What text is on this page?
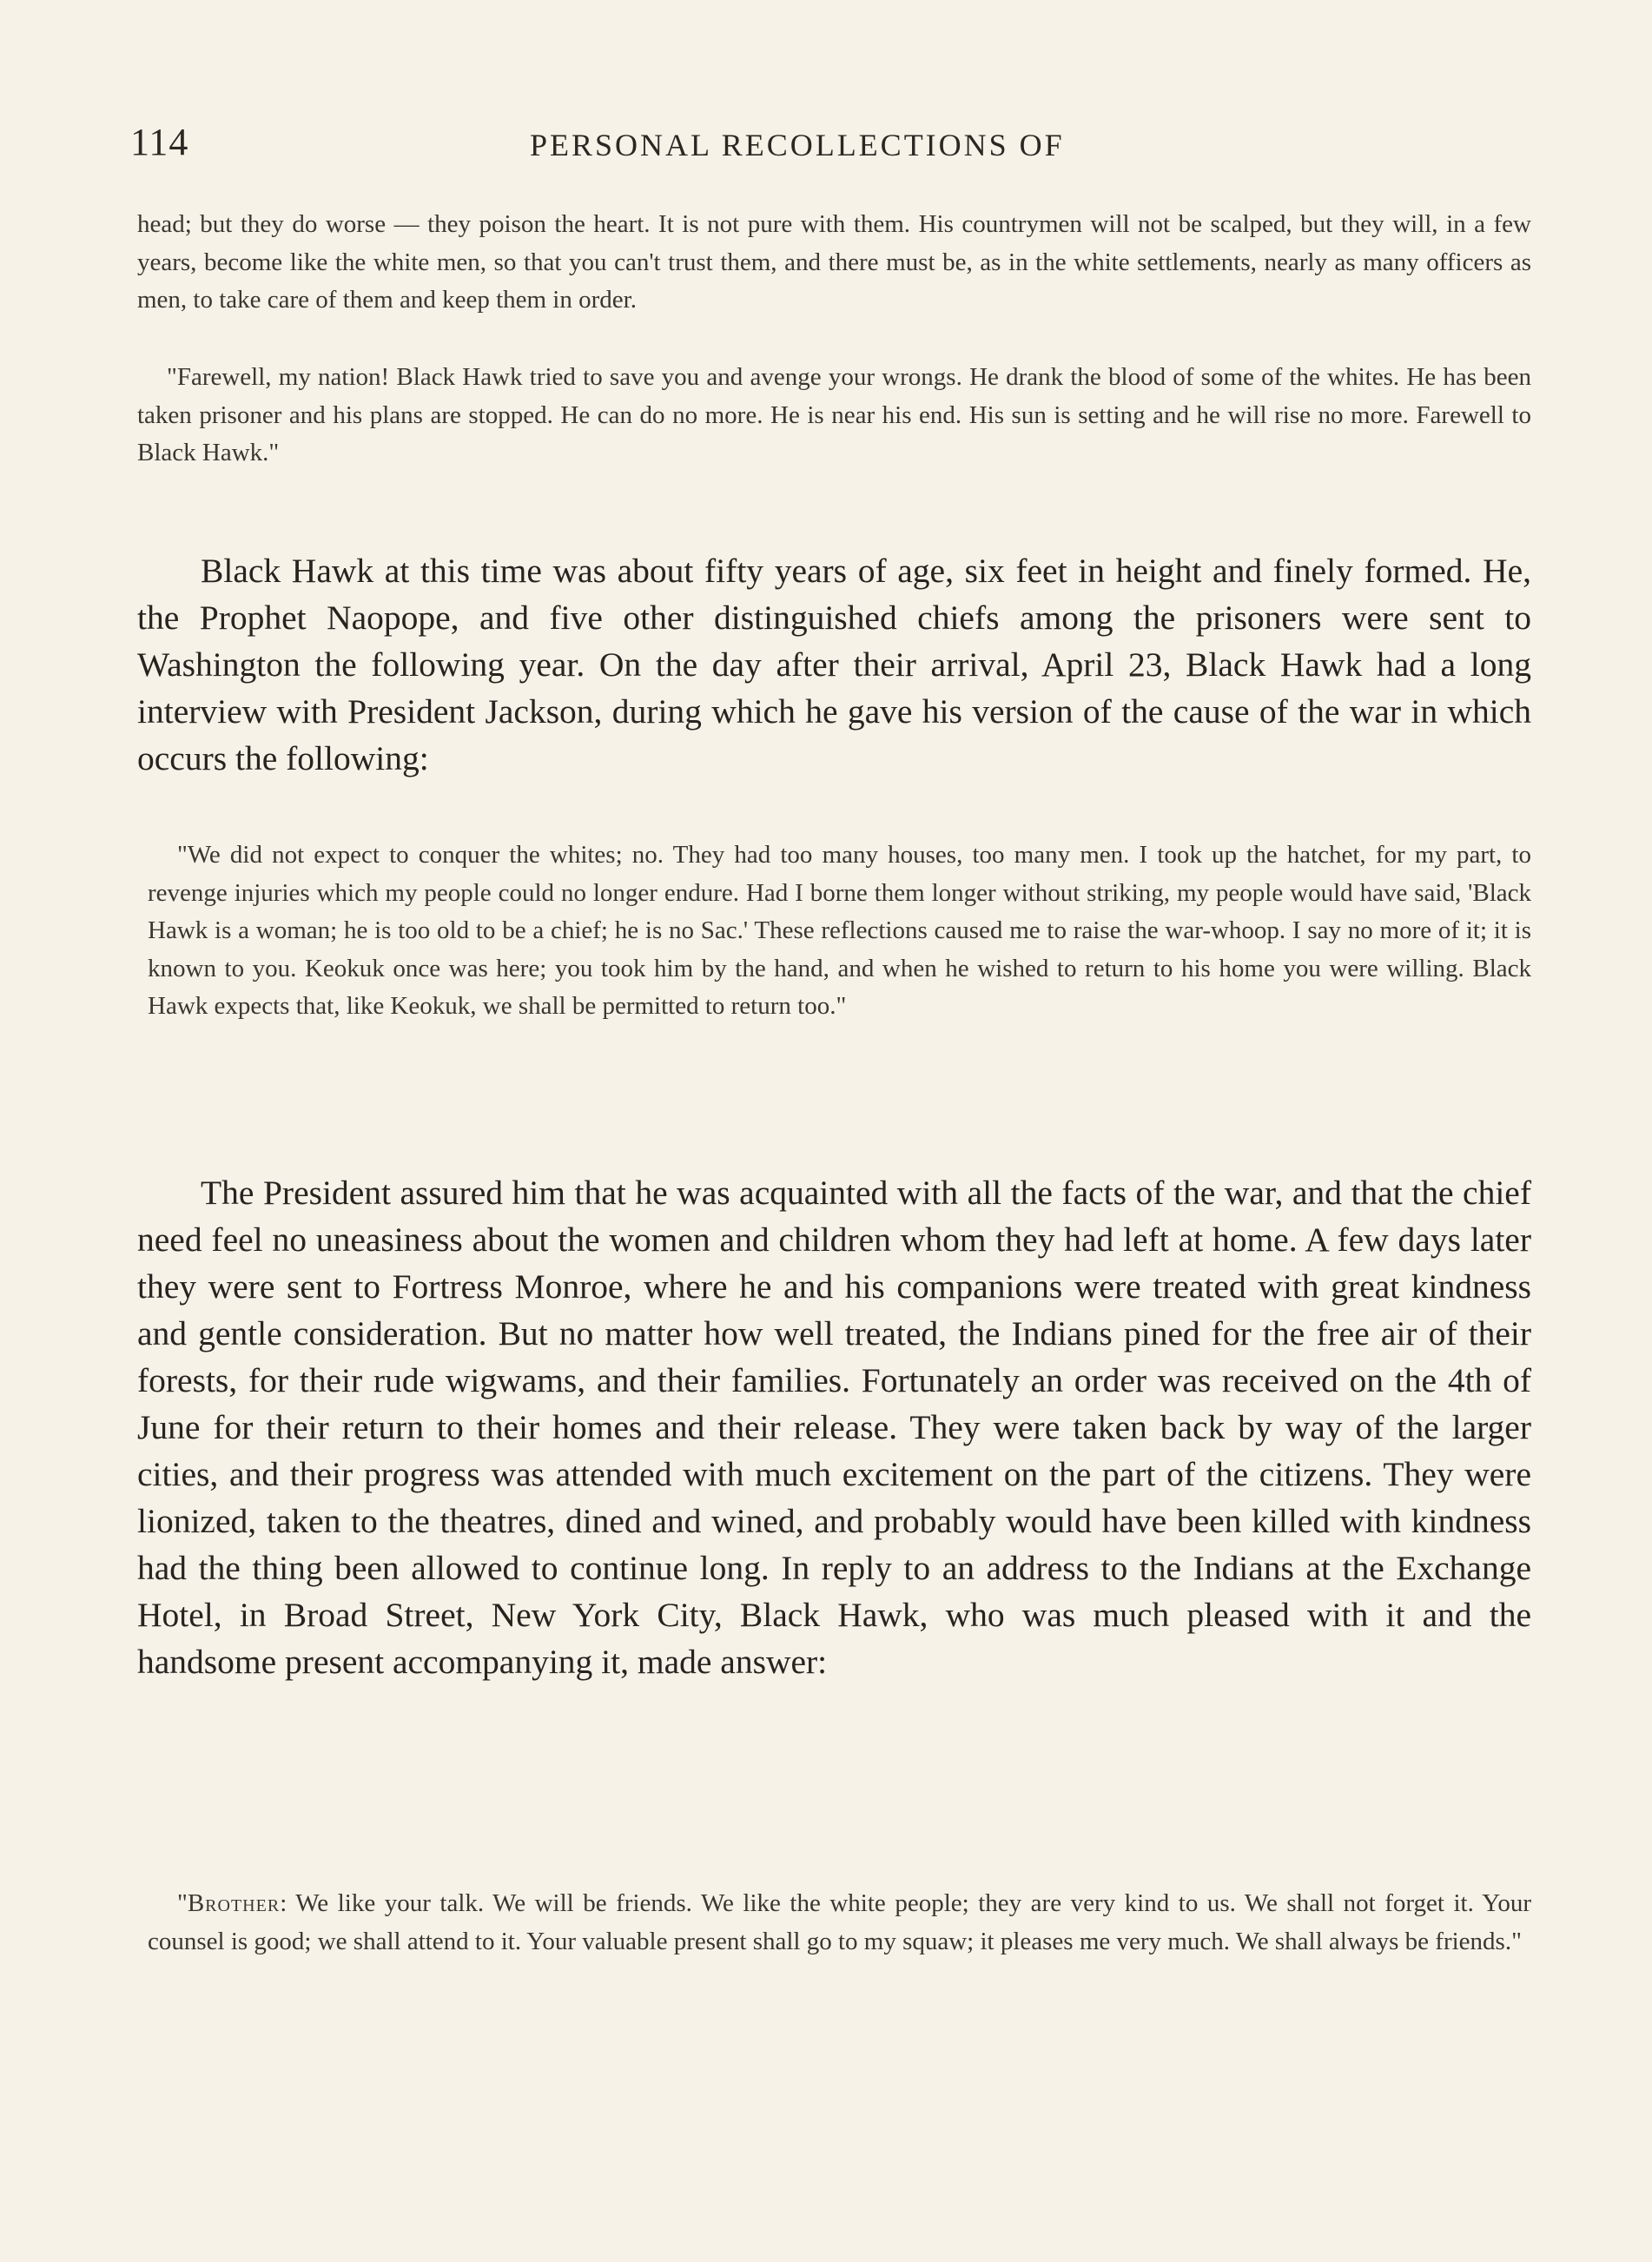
114	PERSONAL RECOLLECTIONS OF

head; but they do worse — they poison the heart. It is not pure with them. His countrymen will not be scalped, but they will, in a few years, become like the white men, so that you can't trust them, and there must be, as in the white settlements, nearly as many officers as men, to take care of them and keep them in order.

"Farewell, my nation! Black Hawk tried to save you and avenge your wrongs. He drank the blood of some of the whites. He has been taken prisoner and his plans are stopped. He can do no more. He is near his end. His sun is setting and he will rise no more. Farewell to Black Hawk."

Black Hawk at this time was about fifty years of age, six feet in height and finely formed. He, the Prophet Naopope, and five other distinguished chiefs among the prisoners were sent to Washington the following year. On the day after their arrival, April 23, Black Hawk had a long interview with President Jackson, during which he gave his version of the cause of the war in which occurs the following:

"We did not expect to conquer the whites; no. They had too many houses, too many men. I took up the hatchet, for my part, to revenge injuries which my people could no longer endure. Had I borne them longer without striking, my people would have said, 'Black Hawk is a woman; he is too old to be a chief; he is no Sac.' These reflections caused me to raise the war-whoop. I say no more of it; it is known to you. Keokuk once was here; you took him by the hand, and when he wished to return to his home you were willing. Black Hawk expects that, like Keokuk, we shall be permitted to return too."

The President assured him that he was acquainted with all the facts of the war, and that the chief need feel no uneasiness about the women and children whom they had left at home. A few days later they were sent to Fortress Monroe, where he and his companions were treated with great kindness and gentle consideration. But no matter how well treated, the Indians pined for the free air of their forests, for their rude wigwams, and their families. Fortunately an order was received on the 4th of June for their return to their homes and their release. They were taken back by way of the larger cities, and their progress was attended with much excitement on the part of the citizens. They were lionized, taken to the theatres, dined and wined, and probably would have been killed with kindness had the thing been allowed to continue long. In reply to an address to the Indians at the Exchange Hotel, in Broad Street, New York City, Black Hawk, who was much pleased with it and the handsome present accompanying it, made answer:

"Brother: We like your talk. We will be friends. We like the white people; they are very kind to us. We shall not forget it. Your counsel is good; we shall attend to it. Your valuable present shall go to my squaw; it pleases me very much. We shall always be friends."
